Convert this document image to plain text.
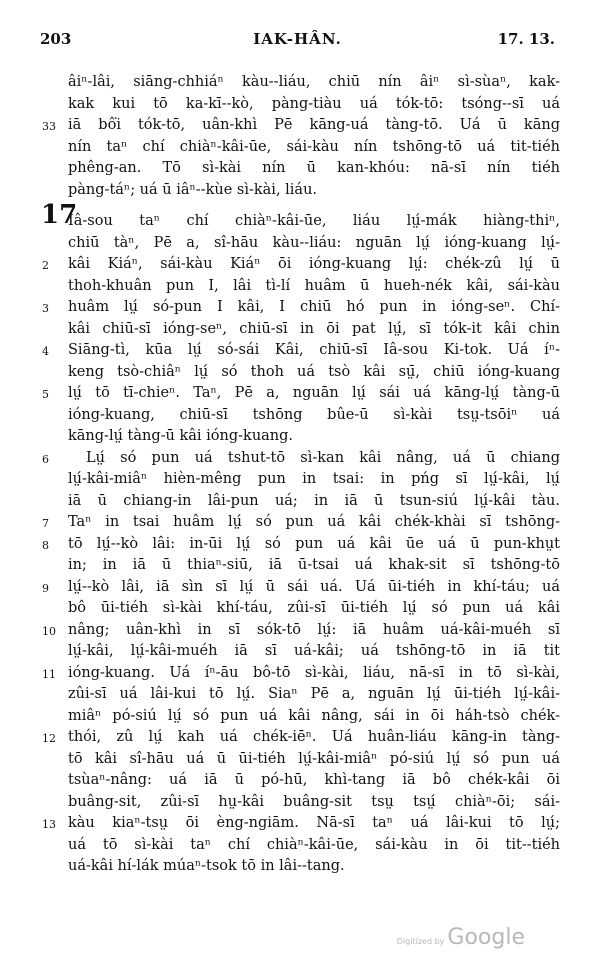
203	IAK-HÂN.	17. 13.
âiⁿ-lâi, siāng-chhiáⁿ kàu--liáu, chiū nín âiⁿ sì-sùaⁿ, kak-
kak kui tō ka-kī--kò, pàng-tiàu uá tók-tō: tsóng--sī uá
33 iā bô͘i tók-tō, uân-khì Pē kāng-uá tàng-tō. Uá ū kāng
nín taⁿ chí chiàⁿ-kâi-ūe, sái-kàu nín tshōng-tō uá tit-tiéh
phêng-an. Tō sì-kài nín ū kan-khóu: nā-sī nín tiéh
pàng-táⁿ; uá ū iâⁿ--kùe sì-kài, liáu.
17
Iâ-sou taⁿ chí chiàⁿ-kâi-ūe, liáu lṳ́-mák hiàng-thiⁿ,
chiū tàⁿ, Pē a, sî-hāu kàu--liáu: nguān lṳ́ ióng-kuang lṳ́-
2	kâi Kiáⁿ, sái-kàu Kiáⁿ ōi ióng-kuang lṳ́: chék-zû lṳ́ ū
thoh-khuân pun I, lâi tì-lí huâm ū hueh-nék kâi, sái-kàu
3	huâm lṳ́ só-pun I kâi, I chiū hó pun in ióng-seⁿ. Chí-
kâi chiū-sī ióng-seⁿ, chiū-sī in ōi pat lṳ́, sī tók-it kâi chin
4	Siāng-tì, kūa lṳ́ só-sái Kâi, chiū-sī Iâ-sou Ki-tok. Uá íⁿ-
keng tsò-chiâⁿ lṳ́ só thoh uá tsò kâi sṳ̄, chiū ióng-kuang
5	lṳ́ tō tī-chieⁿ. Taⁿ, Pē a, nguān lṳ́ sái uá kāng-lṳ́ tàng-ū
ióng-kuang, chiū-sī tshōng bûe-ū sì-kài tsṳ-tsōiⁿ uá
kāng-lṳ́ tàng-ū kâi ióng-kuang.
6	Lṳ́ só pun uá tshut-tō sì-kan kâi nâng, uá ū chiang
lṳ́-kâi-miâⁿ hièn-mêng pun in tsai: in pńg sī lṳ́-kâi, lṳ́
iā ū chiang-in lâi-pun uá; in iā ū tsun-siú lṳ́-kâi tàu.
7	Taⁿ in tsai huâm lṳ́ só pun uá kâi chék-khài sī tshōng-
8	tō lṳ́--kò lâi: in-ūi lṳ́ só pun uá kâi ūe uá ū pun-khṳt
in; in iā ū thiaⁿ-siū, iā ū-tsai uá khak-sit sī tshōng-tō
9	lṳ́--kò lâi, iā sìn sī lṳ́ ū sái uá. Uá ūi-tiéh in khí-táu; uá
bô ūi-tiéh sì-kài khí-táu, zûi-sī ūi-tiéh lṳ́ só pun uá kâi
10 nâng; uân-khì in sī sók-tō lṳ́: iā huâm uá-kâi-muéh sī
lṳ́-kâi, lṳ́-kâi-muéh iā sī uá-kâi; uá tshōng-tō in iā tit
11 ióng-kuang. Uá íⁿ-āu bô-tō sì-kài, liáu, nā-sī in tō sì-kài,
zûi-sī uá lâi-kui tō lṳ́. Siaⁿ Pē a, nguān lṳ́ ūi-tiéh lṳ́-kâi-
miâⁿ pó-siú lṳ́ só pun uá kâi nâng, sái in ōi háh-tsò chék-
12 thói, zû lṳ́ kah uá chék-iēⁿ. Uá huân-liáu kāng-in tàng-
tō kâi sî-hāu uá ū ūi-tiéh lṳ́-kâi-miâⁿ pó-siú lṳ́ só pun uá
tsùaⁿ-nâng: uá iā ū pó-hū, khì-tang iā bô chék-kâi ōi
buâng-sit, zûi-sī hṳ-kâi buâng-sit tsṳ tsṳ́ chiàⁿ-ōi; sái-
13 kàu kiaⁿ-tsṳ ōi èng-ngiām. Nā-sī taⁿ uá lâi-kui tō lṳ́;
uá tō sì-kài taⁿ chí chiàⁿ-kâi-ūe, sái-kàu in ōi tit--tiéh
uá-kâi hí-lák múaⁿ-tsok tō in lâi--tang.
Digitized by Google
